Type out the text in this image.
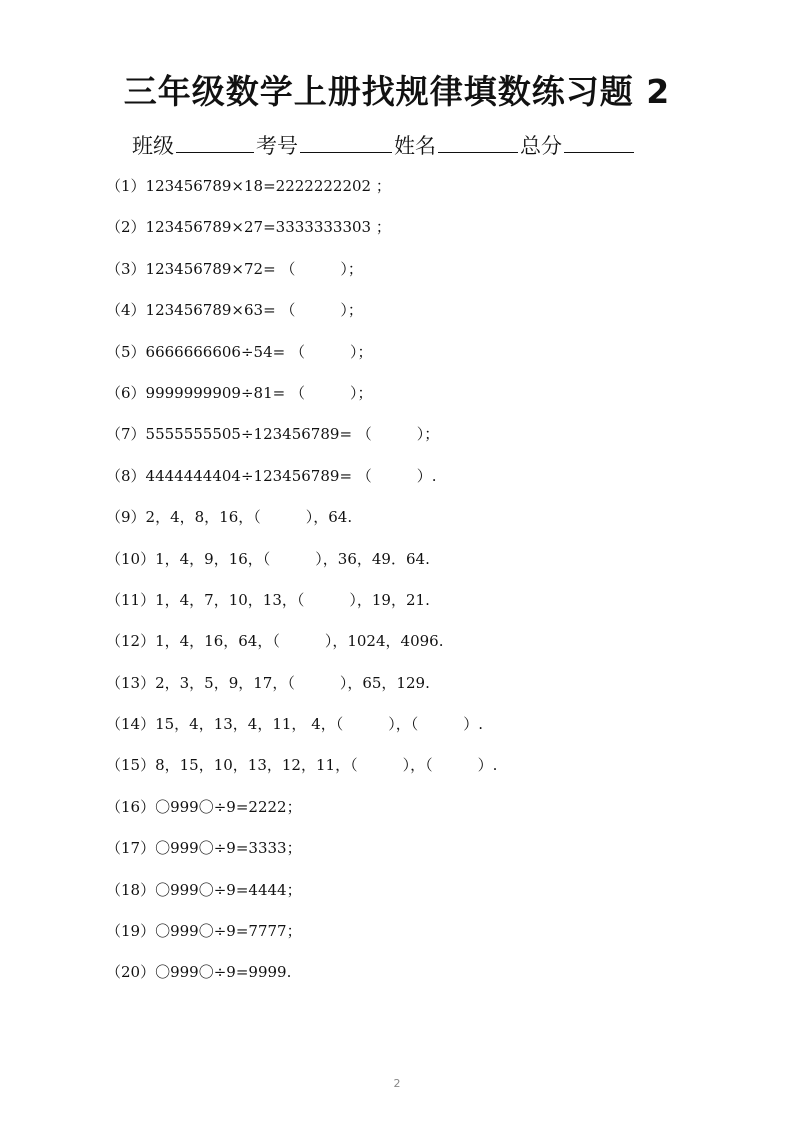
三年级数学上册找规律填数练习题 2
班级	考号	姓名	总分
（1）123456789×18=2222222202 ；
（2）123456789×27=3333333303 ；
（3）123456789×72= （　　　）；
（4）123456789×63= （　　　）；
（5）6666666606÷54= （　　　）；
（6）9999999909÷81= （　　　）；
（7）5555555505÷123456789= （　　　）；
（8）4444444404÷123456789= （　　　）.
（9）2，4，8，16，（　　　），64.
（10）1，4，9，16，（　　　），36，49．64.
（11）1，4，7，10，13，（　　　），19，21.
（12）1，4，16，64，（　　　），1024，4096.
（13）2，3，5，9，17，（　　　），65，129.
（14）15，4，13，4，11， 4，（　　　），（　　　）.
（15）8，15，10，13，12，11，（　　　），（　　　）.
（16）〇999〇÷9=2222；
（17）〇999〇÷9=3333；
（18）〇999〇÷9=4444；
（19）〇999〇÷9=7777；
（20）〇999〇÷9=9999.
2
